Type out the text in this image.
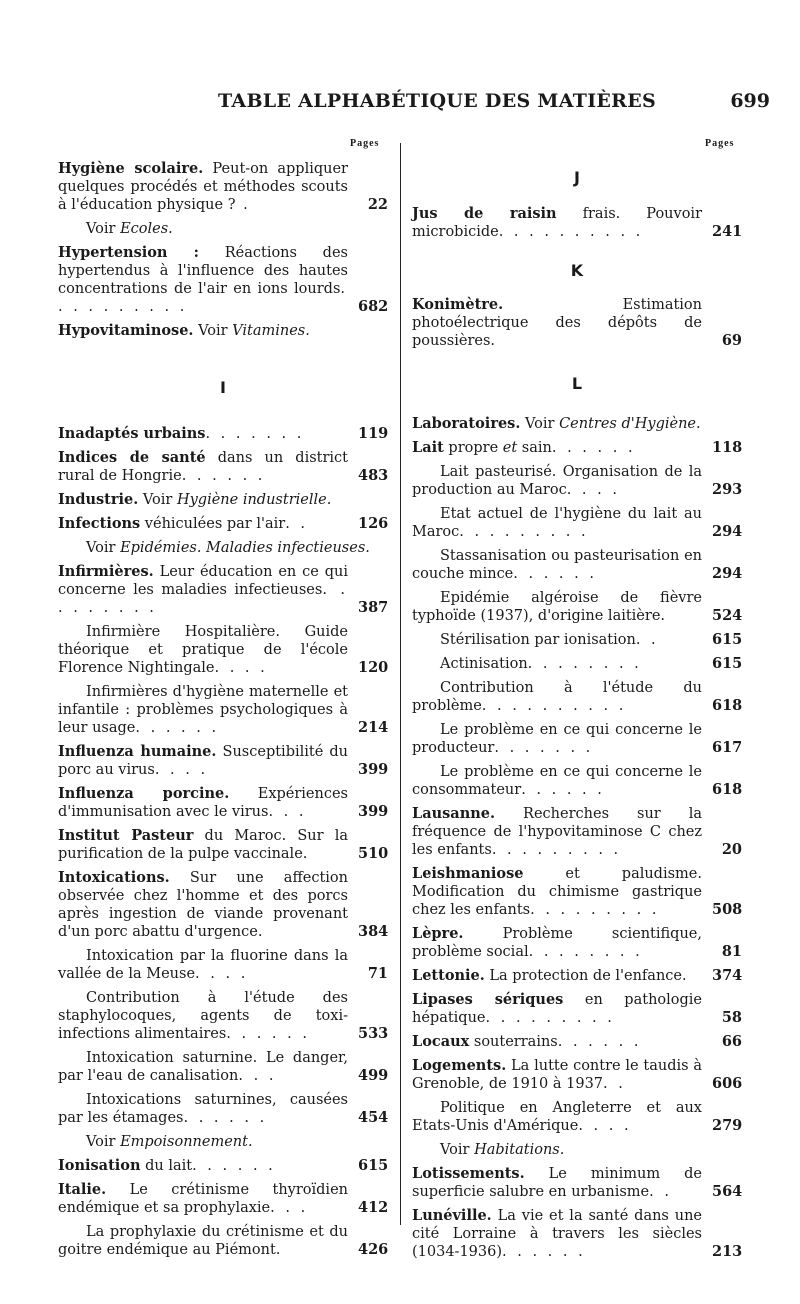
TABLE ALPHABÉTIQUE DES MATIÈRES	699
Pages	Pages
Hygiène scolaire. Peut-on appliquer quelques procédés et méthodes scouts à l'éducation physique ? .	22
Voir Ecoles.
Hypertension : Réactions des hypertendus à l'influence des hautes concentrations de l'air en ions lourds. . . . . . . . . .	682
Hypovitaminose. Voir Vitamines.
I
Inadaptés urbains. . . . . . .	119
Indices de santé dans un district rural de Hongrie. . . . . .	483
Industrie. Voir Hygiène industrielle.
Infections véhiculées par l'air. .	126
Voir Epidémies. Maladies infectieuses.
Infirmières. Leur éducation en ce qui concerne les maladies infectieuses. . . . . . . . .	387
Infirmière Hospitalière. Guide théorique et pratique de l'école Florence Nightingale. . . .	120
Infirmières d'hygiène maternelle et infantile : problèmes psychologiques à leur usage. . . . . .	214
Influenza humaine. Susceptibilité du porc au virus. . . .	399
Influenza porcine. Expériences d'immunisation avec le virus. . .	399
Institut Pasteur du Maroc. Sur la purification de la pulpe vaccinale.	510
Intoxications. Sur une affection observée chez l'homme et des porcs après ingestion de viande provenant d'un porc abattu d'urgence.	384
Intoxication par la fluorine dans la vallée de la Meuse. . . .	71
Contribution à l'étude des staphylocoques, agents de toxi-infections alimentaires. . . . . .	533
Intoxication saturnine. Le danger, par l'eau de canalisation. . .	499
Intoxications saturnines, causées par les étamages. . . . . .	454
Voir Empoisonnement.
Ionisation du lait. . . . . .	615
Italie. Le crétinisme thyroïdien endémique et sa prophylaxie. . .	412
La prophylaxie du crétinisme et du goitre endémique au Piémont.	426
J
Jus de raisin frais. Pouvoir microbicide. . . . . . . . . .	241
K
Konimètre. Estimation photoélectrique des dépôts de poussières.	69
L
Laboratoires. Voir Centres d'Hygiène.
Lait propre et sain. . . . . .	118
Lait pasteurisé. Organisation de la production au Maroc. . . .	293
Etat actuel de l'hygiène du lait au Maroc. . . . . . . . .	294
Stassanisation ou pasteurisation en couche mince. . . . . .	294
Epidémie algéroise de fièvre typhoïde (1937), d'origine laitière.	524
Stérilisation par ionisation. .	615
Actinisation. . . . . . . .	615
Contribution à l'étude du problème. . . . . . . . . .	618
Le problème en ce qui concerne le producteur. . . . . . .	617
Le problème en ce qui concerne le consommateur. . . . . .	618
Lausanne. Recherches sur la fréquence de l'hypovitaminose C chez les enfants. . . . . . . . .	20
Leishmaniose et paludisme. Modification du chimisme gastrique chez les enfants. . . . . . . . .	508
Lèpre. Problème scientifique, problème social. . . . . . . .	81
Lettonie. La protection de l'enfance.	374
Lipases sériques en pathologie hépatique. . . . . . . . .	58
Locaux souterrains. . . . . .	66
Logements. La lutte contre le taudis à Grenoble, de 1910 à 1937. .	606
Politique en Angleterre et aux Etats-Unis d'Amérique. . . .	279
Voir Habitations.
Lotissements. Le minimum de superficie salubre en urbanisme. .	564
Lunéville. La vie et la santé dans une cité Lorraine à travers les siècles (1034-1936). . . . . .	213
